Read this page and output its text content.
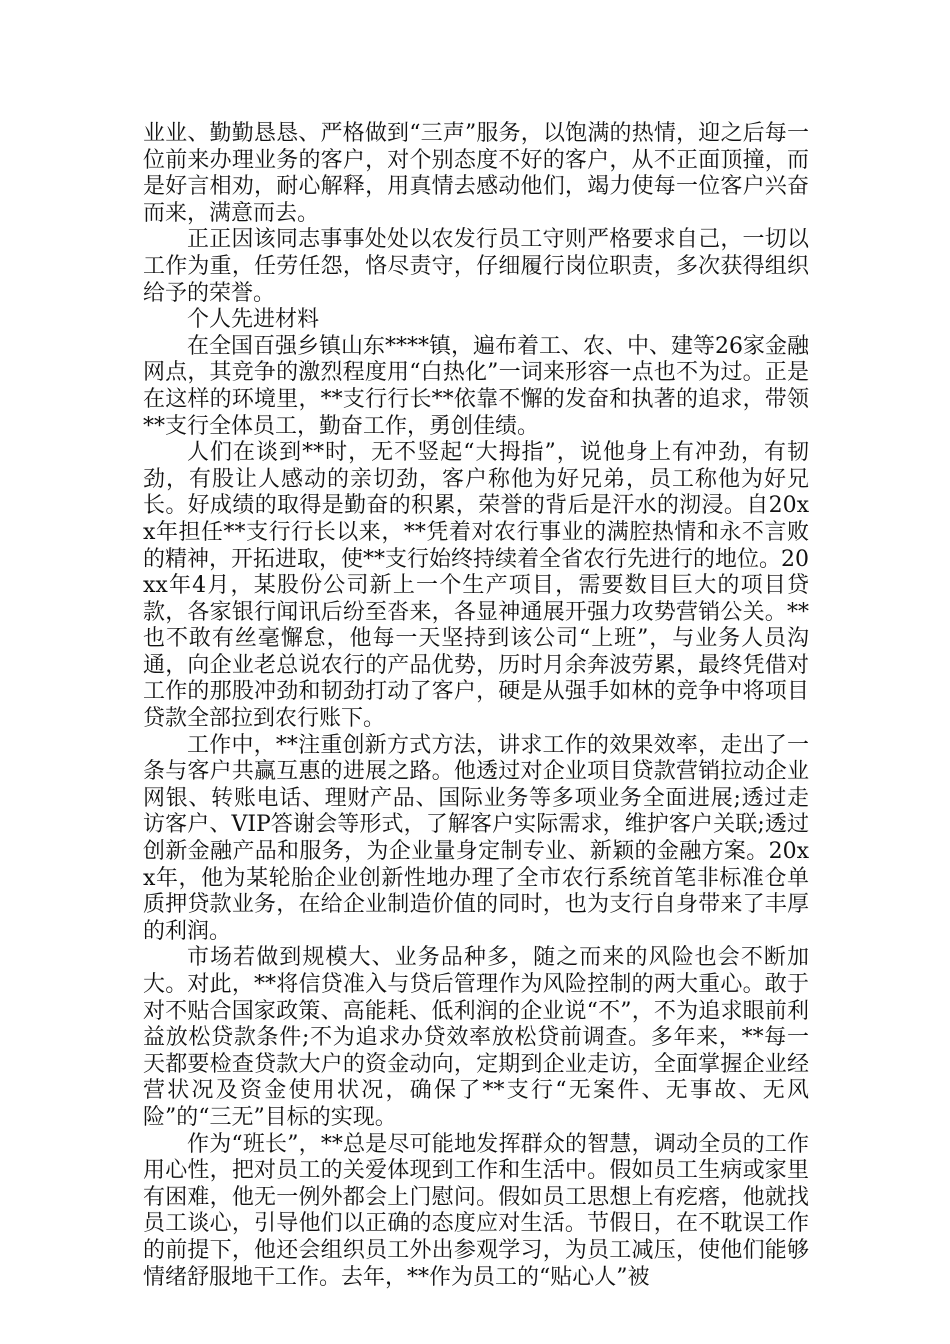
业业、勤勤恳恳、严格做到“三声”服务，以饱满的热情，迎之后每一位前来办理业务的客户，对个别态度不好的客户，从不正面顶撞，而是好言相劝，耐心解释，用真情去感动他们，竭力使每一位客户兴奋而来，满意而去。

正正因该同志事事处处以农发行员工守则严格要求自己，一切以工作为重，任劳任怨，恪尽责守，仔细履行岗位职责，多次获得组织给予的荣誉。

个人先进材料

在全国百强乡镇山东****镇，遍布着工、农、中、建等26家金融网点，其竞争的激烈程度用“白热化”一词来形容一点也不为过。正是在这样的环境里，**支行行长**依靠不懈的发奋和执著的追求，带领**支行全体员工，勤奋工作，勇创佳绩。

人们在谈到**时，无不竖起“大拇指”，说他身上有冲劲，有韧劲，有股让人感动的亲切劲，客户称他为好兄弟，员工称他为好兄长。好成绩的取得是勤奋的积累，荣誉的背后是汗水的沏浸。自20xx年担任**支行行长以来，**凭着对农行事业的满腔热情和永不言败的精神，开拓进取，使**支行始终持续着全省农行先进行的地位。20xx年4月，某股份公司新上一个生产项目，需要数目巨大的项目贷款，各家银行闻讯后纷至沓来，各显神通展开强力攻势营销公关。**也不敢有丝毫懈怠，他每一天坚持到该公司“上班”，与业务人员沟通，向企业老总说农行的产品优势，历时月余奔波劳累，最终凭借对工作的那股冲劲和韧劲打动了客户，硬是从强手如林的竞争中将项目贷款全部拉到农行账下。

工作中，**注重创新方式方法，讲求工作的效果效率，走出了一条与客户共赢互惠的进展之路。他透过对企业项目贷款营销拉动企业网银、转账电话、理财产品、国际业务等多项业务全面进展;透过走访客户、VIP答谢会等形式，了解客户实际需求，维护客户关联;透过创新金融产品和服务，为企业量身定制专业、新颖的金融方案。20xx年，他为某轮胎企业创新性地办理了全市农行系统首笔非标准仓单质押贷款业务，在给企业制造价值的同时，也为支行自身带来了丰厚的利润。

市场若做到规模大、业务品种多，随之而来的风险也会不断加大。对此，**将信贷准入与贷后管理作为风险控制的两大重心。敢于对不贴合国家政策、高能耗、低利润的企业说“不”，不为追求眼前利益放松贷款条件;不为追求办贷效率放松贷前调查。多年来，**每一天都要检查贷款大户的资金动向，定期到企业走访，全面掌握企业经营状况及资金使用状况，确保了**支行“无案件、无事故、无风险”的“三无”目标的实现。

作为“班长”，**总是尽可能地发挥群众的智慧，调动全员的工作用心性，把对员工的关爱体现到工作和生活中。假如员工生病或家里有困难，他无一例外都会上门慰问。假如员工思想上有疙瘩，他就找员工谈心，引导他们以正确的态度应对生活。节假日，在不耽误工作的前提下，他还会组织员工外出参观学习，为员工减压，使他们能够情绪舒服地干工作。去年，**作为员工的“贴心人”被
